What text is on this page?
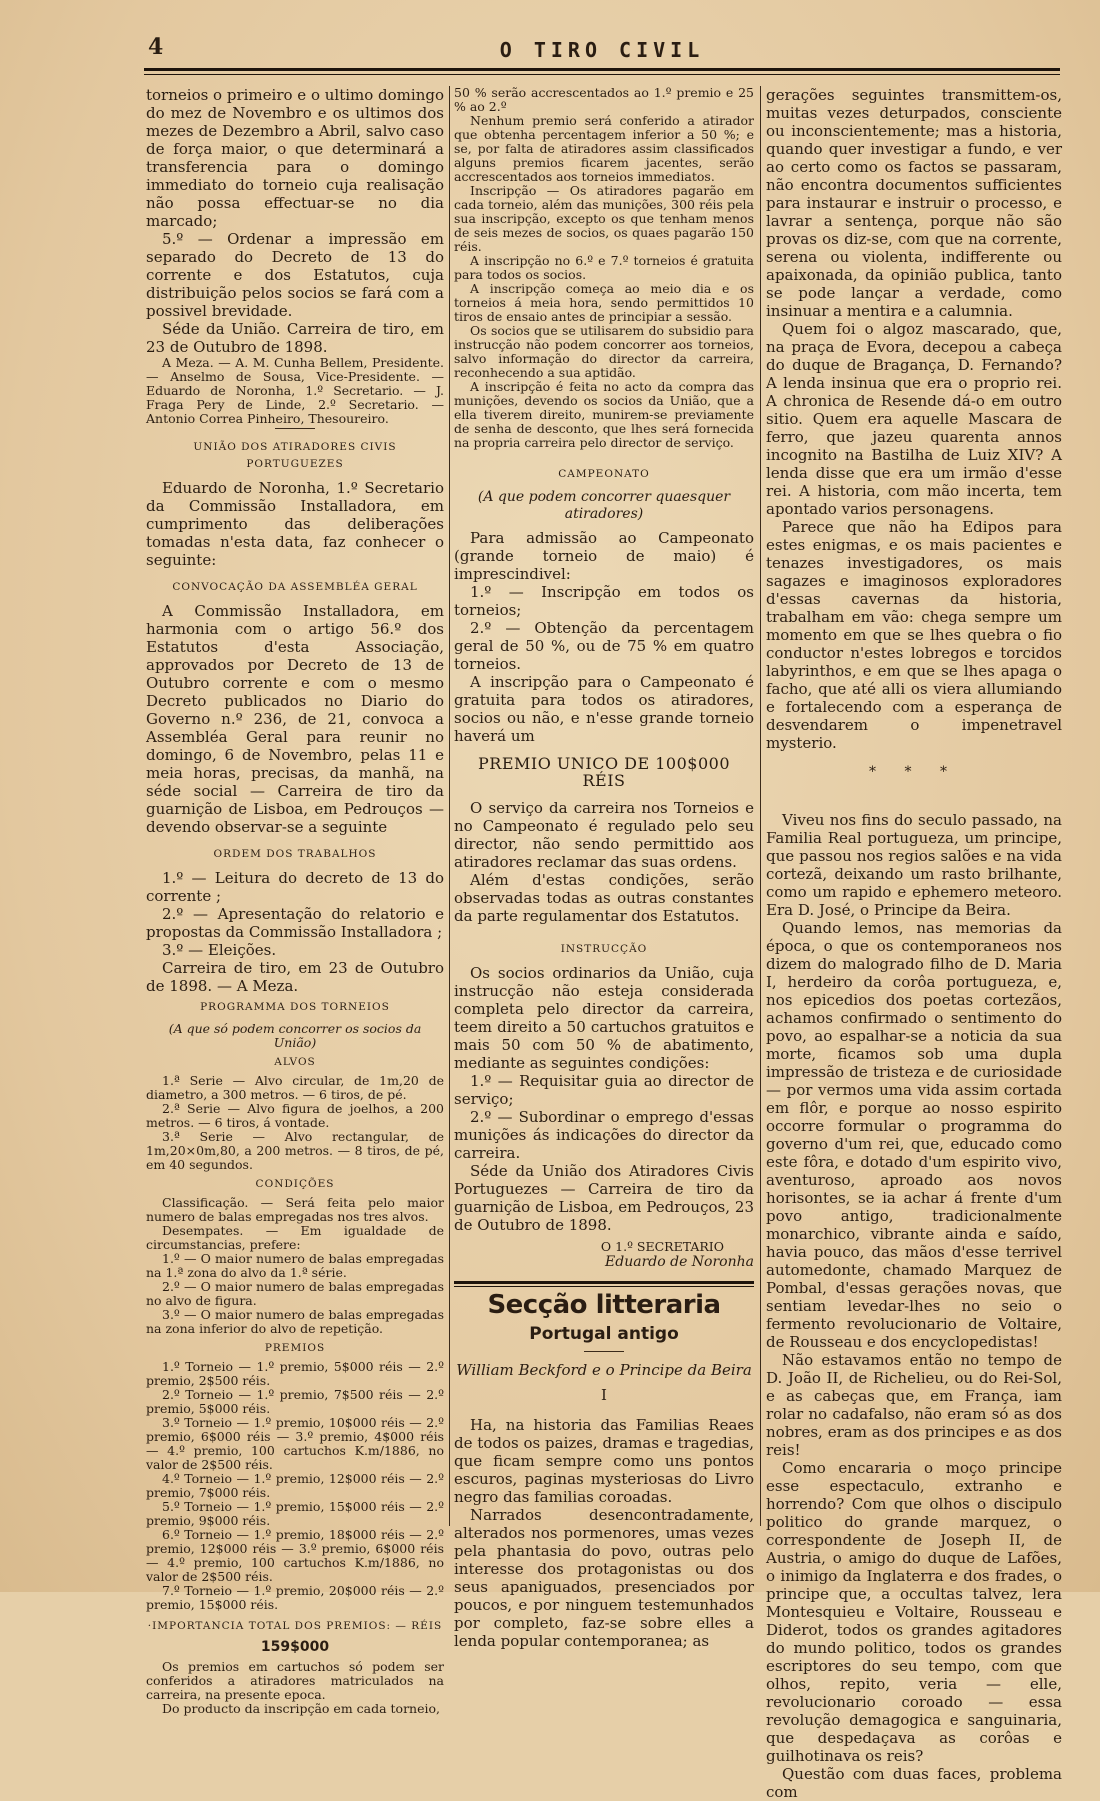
4	O TIRO CIVIL

torneios o primeiro e o ultimo domingo do mez de Novembro e os ultimos dos mezes de Dezembro a Abril, salvo caso de força maior, o que determinará a transferencia para o domingo immediato do torneio cuja realisação não possa effectuar-se no dia marcado;

5.º — Ordenar a impressão em separado do Decreto de 13 do corrente e dos Estatutos, cuja distribuição pelos socios se fará com a possivel brevidade.

Séde da União. Carreira de tiro, em 23 de Outubro de 1898.

A Meza. — A. M. Cunha Bellem, Presidente.— Anselmo de Sousa, Vice-Presidente. — Eduardo de Noronha, 1.º Secretario. — J. Fraga Pery de Linde, 2.º Secretario. — Antonio Correa Pinheiro, Thesoureiro.

UNIÃO DOS ATIRADORES CIVIS PORTUGUEZES

Eduardo de Noronha, 1.º Secretario da Commissão Installadora, em cumprimento das deliberações tomadas n'esta data, faz conhecer o seguinte:

CONVOCAÇÃO DA ASSEMBLÉA GERAL

A Commissão Installadora, em harmonia com o artigo 56.º dos Estatutos d'esta Associação, approvados por Decreto de 13 de Outubro corrente e com o mesmo Decreto publicados no Diario do Governo n.º 236, de 21, convoca a Assembléa Geral para reunir no domingo, 6 de Novembro, pelas 11 e meia horas, precisas, da manhã, na séde social — Carreira de tiro da guarnição de Lisboa, em Pedrouços — devendo observar-se a seguinte

ORDEM DOS TRABALHOS

1.º — Leitura do decreto de 13 do corrente ;

2.º — Apresentação do relatorio e propostas da Commissão Installadora ;

3.º — Eleições.

Carreira de tiro, em 23 de Outubro de 1898. — A Meza.

PROGRAMMA DOS TORNEIOS

(A que só podem concorrer os socios da União)

ALVOS

1.ª Serie — Alvo circular, de 1m,20 de diametro, a 300 metros. — 6 tiros, de pé.

2.ª Serie — Alvo figura de joelhos, a 200 metros. — 6 tiros, á vontade.

3.ª Serie — Alvo rectangular, de 1m,20×0m,80, a 200 metros. — 8 tiros, de pé, em 40 segundos.

CONDIÇÕES

Classificação. — Será feita pelo maior numero de balas empregadas nos tres alvos.

Desempates. — Em igualdade de circumstancias, prefere:

1.º — O maior numero de balas empregadas na 1.ª zona do alvo da 1.ª série.

2.º — O maior numero de balas empregadas no alvo de figura.

3.º — O maior numero de balas empregadas na zona inferior do alvo de repetição.

PREMIOS

1.º Torneio — 1.º premio, 5$000 réis — 2.º premio, 2$500 réis.

2.º Torneio — 1.º premio, 7$500 réis — 2.º premio, 5$000 réis.

3.º Torneio — 1.º premio, 10$000 réis — 2.º premio, 6$000 réis — 3.º premio, 4$000 réis — 4.º premio, 100 cartuchos K.m/1886, no valor de 2$500 réis.

4.º Torneio — 1.º premio, 12$000 réis — 2.º premio, 7$000 réis.

5.º Torneio — 1.º premio, 15$000 réis — 2.º premio, 9$000 réis.

6.º Torneio — 1.º premio, 18$000 réis — 2.º premio, 12$000 réis — 3.º premio, 6$000 réis — 4.º premio, 100 cartuchos K.m/1886, no valor de 2$500 réis.

7.º Torneio — 1.º premio, 20$000 réis — 2.º premio, 15$000 réis.

·IMPORTANCIA TOTAL DOS PREMIOS: — RÉIS
159$000

Os premios em cartuchos só podem ser conferidos a atiradores matriculados na carreira, na presente epoca.

Do producto da inscripção em cada torneio,

50 % serão accrescentados ao 1.º premio e 25 % ao 2.º

Nenhum premio será conferido a atirador que obtenha percentagem inferior a 50 %; e se, por falta de atiradores assim classificados alguns premios ficarem jacentes, serão accrescentados aos torneios immediatos.

Inscripção — Os atiradores pagarão em cada torneio, além das munições, 300 réis pela sua inscripção, excepto os que tenham menos de seis mezes de socios, os quaes pagarão 150 réis.

A inscripção no 6.º e 7.º torneios é gratuita para todos os socios.

A inscripção começa ao meio dia e os torneios á meia hora, sendo permittidos 10 tiros de ensaio antes de principiar a sessão.

Os socios que se utilisarem do subsidio para instrucção não podem concorrer aos torneios, salvo informação do director da carreira, reconhecendo a sua aptidão.

A inscripção é feita no acto da compra das munições, devendo os socios da União, que a ella tiverem direito, munirem-se previamente de senha de desconto, que lhes será fornecida na propria carreira pelo director de serviço.

CAMPEONATO

(A que podem concorrer quaesquer atiradores)

Para admissão ao Campeonato (grande torneio de maio) é imprescindivel:

1.º — Inscripção em todos os torneios;

2.º — Obtenção da percentagem geral de 50 %, ou de 75 % em quatro torneios.

A inscripção para o Campeonato é gratuita para todos os atiradores, socios ou não, e n'esse grande torneio haverá um

PREMIO UNICO DE 100$000 RÉIS

O serviço da carreira nos Torneios e no Campeonato é regulado pelo seu director, não sendo permittido aos atiradores reclamar das suas ordens.

Além d'estas condições, serão observadas todas as outras constantes da parte regulamentar dos Estatutos.

INSTRUCÇÃO

Os socios ordinarios da União, cuja instrucção não esteja considerada completa pelo director da carreira, teem direito a 50 cartuchos gratuitos e mais 50 com 50 % de abatimento, mediante as seguintes condições:

1.º — Requisitar guia ao director de serviço;

2.º — Subordinar o emprego d'essas munições ás indicações do director da carreira.

Séde da União dos Atiradores Civis Portuguezes — Carreira de tiro da guarnição de Lisboa, em Pedrouços, 23 de Outubro de 1898.

O 1.º SECRETARIO

Eduardo de Noronha

Secção litteraria
Portugal antigo
William Beckford e o Principe da Beira
I

Ha, na historia das Familias Reaes de todos os paizes, dramas e tragedias, que ficam sempre como uns pontos escuros, paginas mysteriosas do Livro negro das familias coroadas.

Narrados desencontradamente, alterados nos pormenores, umas vezes pela phantasia do povo, outras pelo interesse dos protagonistas ou dos seus apaniguados, presenciados por poucos, e por ninguem testemunhados por completo, faz-se sobre elles a lenda popular contemporanea; as

gerações seguintes transmittem-os, muitas vezes deturpados, consciente ou inconscientemente; mas a historia, quando quer investigar a fundo, e ver ao certo como os factos se passaram, não encontra documentos sufficientes para instaurar e instruir o processo, e lavrar a sentença, porque não são provas os diz-se, com que na corrente, serena ou violenta, indifferente ou apaixonada, da opinião publica, tanto se pode lançar a verdade, como insinuar a mentira e a calumnia.

Quem foi o algoz mascarado, que, na praça de Evora, decepou a cabeça do duque de Bragança, D. Fernando? A lenda insinua que era o proprio rei. A chronica de Resende dá-o em outro sitio. Quem era aquelle Mascara de ferro, que jazeu quarenta annos incognito na Bastilha de Luiz XIV? A lenda disse que era um irmão d'esse rei. A historia, com mão incerta, tem apontado varios personagens.

Parece que não ha Edipos para estes enigmas, e os mais pacientes e tenazes investigadores, os mais sagazes e imaginosos exploradores d'essas cavernas da historia, trabalham em vão: chega sempre um momento em que se lhes quebra o fio conductor n'estes lobregos e torcidos labyrinthos, e em que se lhes apaga o facho, que até alli os viera allumiando e fortalecendo com a esperança de desvendarem o impenetravel mysterio.

* * *

Viveu nos fins do seculo passado, na Familia Real portugueza, um principe, que passou nos regios salões e na vida cortezã, deixando um rasto brilhante, como um rapido e ephemero meteoro. Era D. José, o Principe da Beira.

Quando lemos, nas memorias da época, o que os contemporaneos nos dizem do malogrado filho de D. Maria I, herdeiro da corôa portugueza, e, nos epicedios dos poetas cortezãos, achamos confirmado o sentimento do povo, ao espalhar-se a noticia da sua morte, ficamos sob uma dupla impressão de tristeza e de curiosidade — por vermos uma vida assim cortada em flôr, e porque ao nosso espirito occorre formular o programma do governo d'um rei, que, educado como este fôra, e dotado d'um espirito vivo, aventuroso, aproado aos novos horisontes, se ia achar á frente d'um povo antigo, tradicionalmente monarchico, vibrante ainda e saído, havia pouco, das mãos d'esse terrivel automedonte, chamado Marquez de Pombal, d'essas gerações novas, que sentiam levedar-lhes no seio o fermento revolucionario de Voltaire, de Rousseau e dos encyclopedistas!

Não estavamos então no tempo de D. João II, de Richelieu, ou do Rei-Sol, e as cabeças que, em França, iam rolar no cadafalso, não eram só as dos nobres, eram as dos principes e as dos reis!

Como encararia o moço principe esse espectaculo, extranho e horrendo? Com que olhos o discipulo politico do grande marquez, o correspondente de Joseph II, de Austria, o amigo do duque de Lafões, o inimigo da Inglaterra e dos frades, o principe que, a occultas talvez, lera Montesquieu e Voltaire, Rousseau e Diderot, todos os grandes agitadores do mundo politico, todos os grandes escriptores do seu tempo, com que olhos, repito, veria — elle, revolucionario coroado — essa revolução demagogica e sanguinaria, que despedaçava as corôas e guilhotinava os reis?

Questão com duas faces, problema com
